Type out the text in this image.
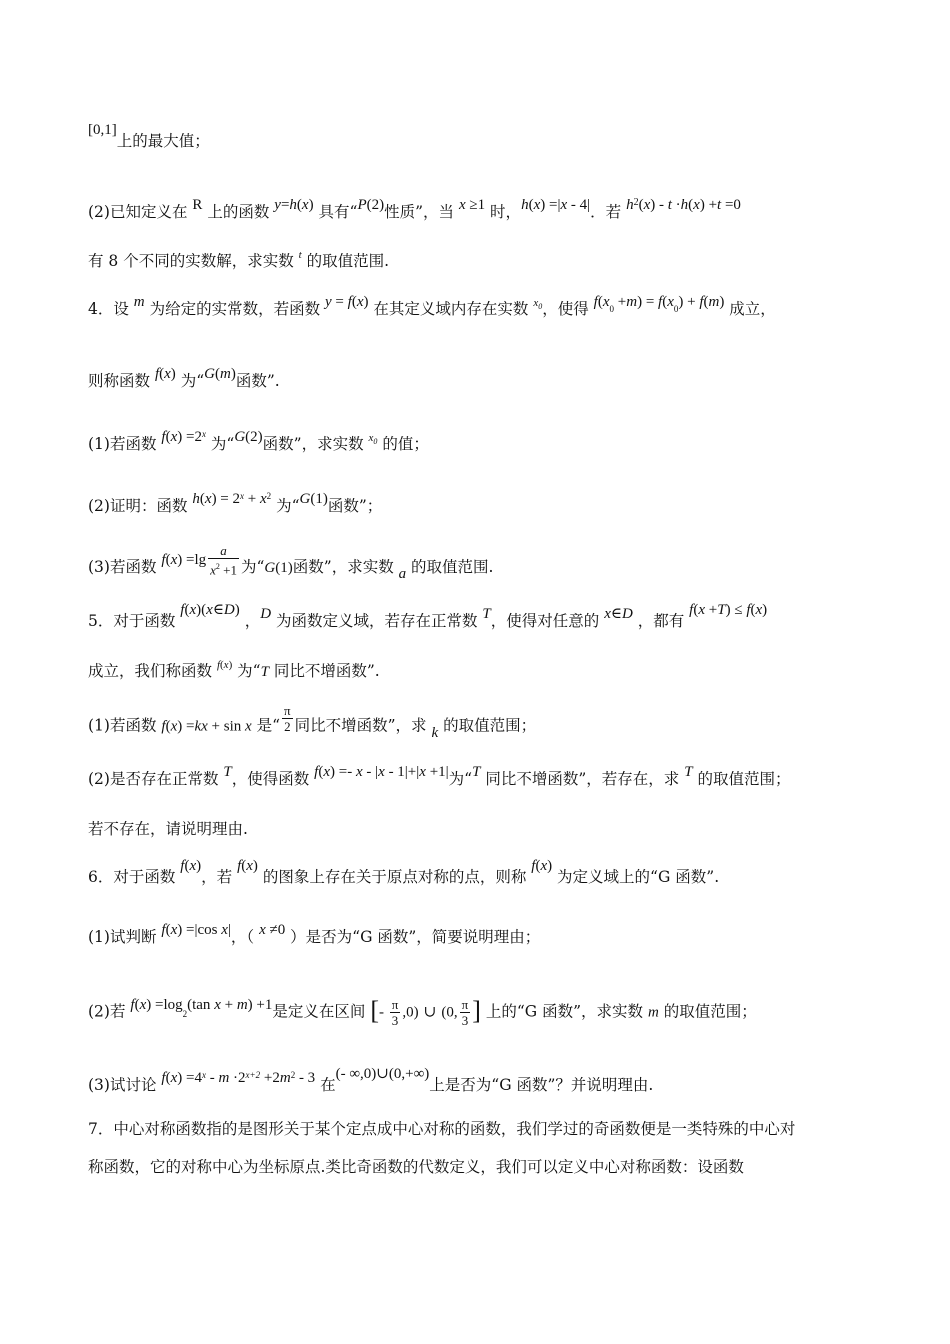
[0,1]上的最大值；
(2)已知定义在 R 上的函数 y=h(x) 具有“P(2)性质”，当 x ≥1 时，h(x) =|x - 4|．若 $h^2(x) - t \cdot h(x) +t =0$
有 8 个不同的实数解，求实数 $^t$ 的取值范围.
4．设 m 为给定的实常数，若函数 y = f(x) 在其定义域内存在实数 $^{x_0}$，使得 $f(x_0 +m) = f(x_0) + f(m)$ 成立，
则称函数 f(x) 为“G(m)函数”.
(1)若函数 $f(x) =2^x$ 为“G(2)函数”，求实数 $^{x_0}$ 的值；
(2)证明：函数 $h(x) = 2^x + x^2$ 为“G(1)函数”；
(3)若函数 $f(x) =\lg \frac{a}{x^2 +1}$ 为“G(1)函数”，求实数 a 的取值范围.
5．对于函数 f(x)(x∈D) ，D 为函数定义域，若存在正常数 T，使得对任意的 x∈D ，都有 f(x +T) ≤ f(x)
成立，我们称函数 $^{f(x)}$ 为“T 同比不增函数”.
(1)若函数 f(x) =kx + sin x 是“ $\frac{\pi}{2}$ 同比不增函数”，求 k 的取值范围；
(2)是否存在正常数 T，使得函数 f(x) =- x - |x - 1|+|x +1|为“T 同比不增函数”，若存在，求 T 的取值范围；
若不存在，请说明理由.
6．对于函数 f(x)，若 f(x) 的图象上存在关于原点对称的点，则称 f(x) 为定义域上的“G 函数”.
(1)试判断 f(x) =|cos x|，（ x ≠0 ）是否为“G 函数”，简要说明理由；
(2)若 $f(x) =\log_2(\tan$ x + m) +1是定义在区间 [- $\frac{\pi}{3} ,0$) ∪ (0, $\frac{\pi}{3}$ ] 上的“G 函数”，求实数 m 的取值范围；
(3)试讨论 $f(x) =4^x - m \cdot 2^{x+2} +2m^2 - 3$ 在(- ∞,0)∪(0,+∞)上是否为“G 函数”？并说明理由.
7．中心对称函数指的是图形关于某个定点成中心对称的函数，我们学过的奇函数便是一类特殊的中心对
称函数，它的对称中心为坐标原点.类比奇函数的代数定义，我们可以定义中心对称函数：设函数
